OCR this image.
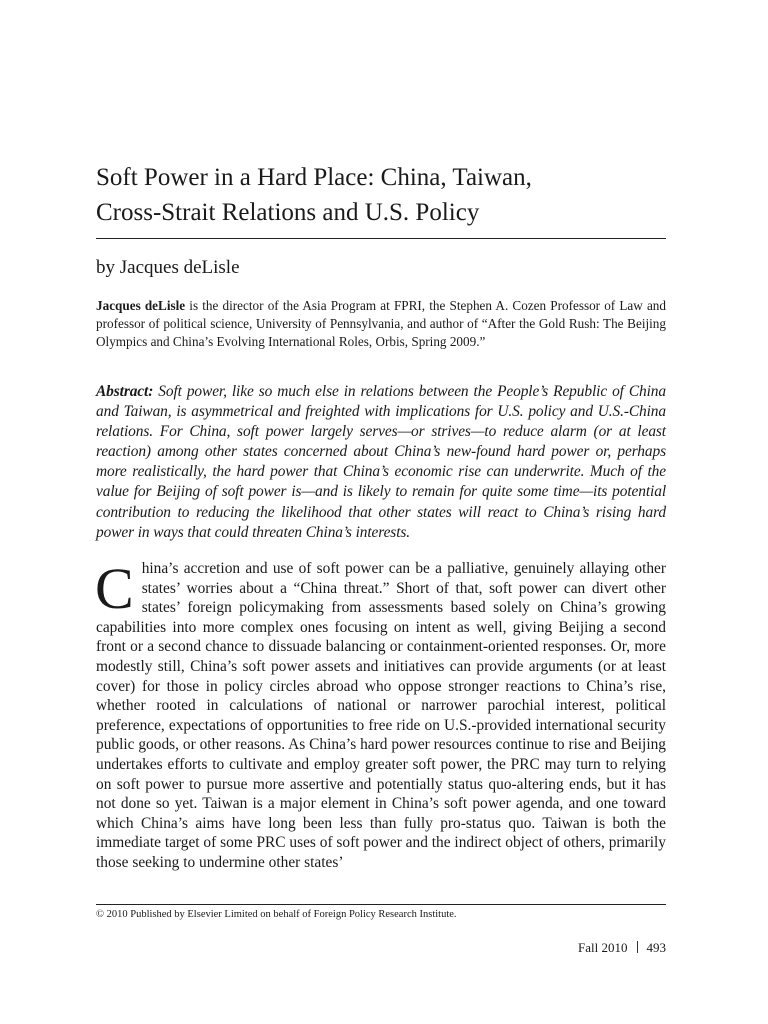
Soft Power in a Hard Place: China, Taiwan,
Cross-Strait Relations and U.S. Policy
by Jacques deLisle

Jacques deLisle is the director of the Asia Program at FPRI, the Stephen A. Cozen Professor of Law and professor of political science, University of Pennsylvania, and author of “After the Gold Rush: The Beijing Olympics and China’s Evolving International Roles, Orbis, Spring 2009.”

Abstract: Soft power, like so much else in relations between the People’s Republic of China and Taiwan, is asymmetrical and freighted with implications for U.S. policy and U.S.-China relations. For China, soft power largely serves—or strives—to reduce alarm (or at least reaction) among other states concerned about China’s new-found hard power or, perhaps more realistically, the hard power that China’s economic rise can underwrite. Much of the value for Beijing of soft power is—and is likely to remain for quite some time—its potential contribution to reducing the likelihood that other states will react to China’s rising hard power in ways that could threaten China’s interests.

China’s accretion and use of soft power can be a palliative, genuinely allaying other states’ worries about a “China threat.” Short of that, soft power can divert other states’ foreign policymaking from assessments based solely on China’s growing capabilities into more complex ones focusing on intent as well, giving Beijing a second front or a second chance to dissuade balancing or containment-oriented responses. Or, more modestly still, China’s soft power assets and initiatives can provide arguments (or at least cover) for those in policy circles abroad who oppose stronger reactions to China’s rise, whether rooted in calculations of national or narrower parochial interest, political preference, expectations of opportunities to free ride on U.S.-provided international security public goods, or other reasons. As China’s hard power resources continue to rise and Beijing undertakes efforts to cultivate and employ greater soft power, the PRC may turn to relying on soft power to pursue more assertive and potentially status quo-altering ends, but it has not done so yet. Taiwan is a major element in China’s soft power agenda, and one toward which China’s aims have long been less than fully pro-status quo. Taiwan is both the immediate target of some PRC uses of soft power and the indirect object of others, primarily those seeking to undermine other states’

© 2010 Published by Elsevier Limited on behalf of Foreign Policy Research Institute.
Fall 2010 493
